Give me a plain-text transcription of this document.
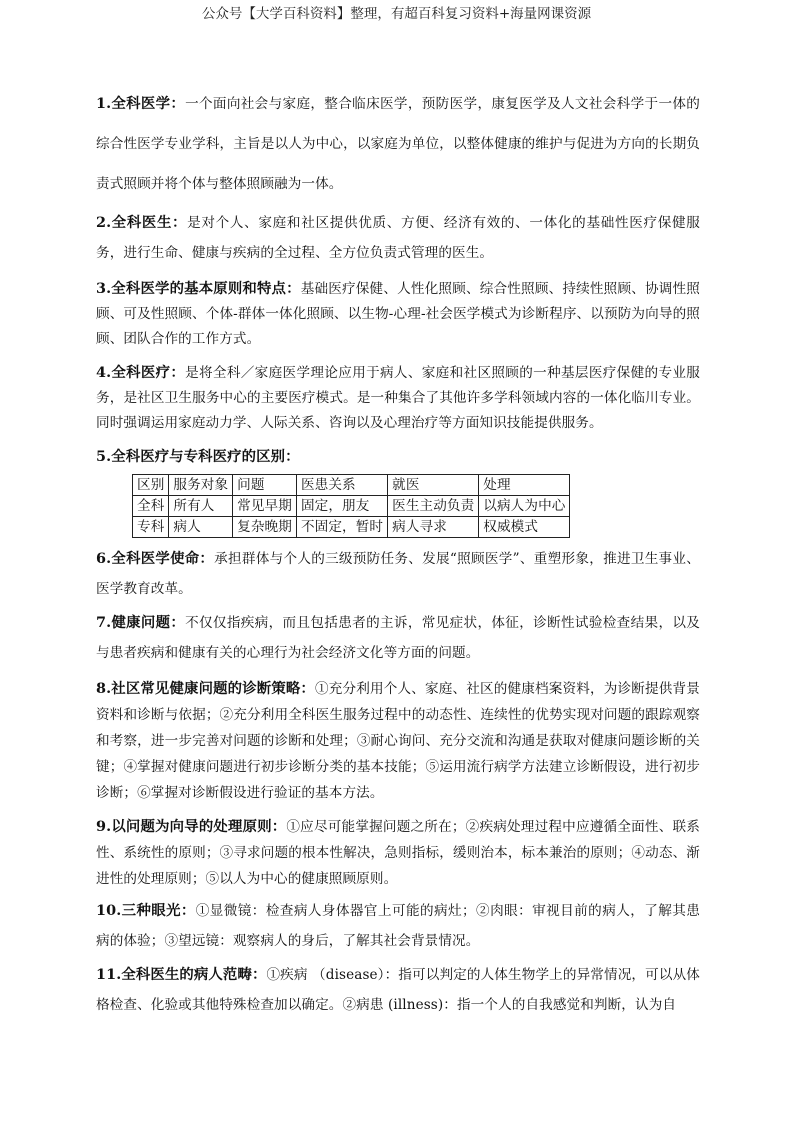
公众号【大学百科资料】整理，有超百科复习资料+海量网课资源

1.全科医学：一个面向社会与家庭，整合临床医学，预防医学，康复医学及人文社会科学于一体的综合性医学专业学科，主旨是以人为中心，以家庭为单位，以整体健康的维护与促进为方向的长期负责式照顾并将个体与整体照顾融为一体。

2.全科医生：是对个人、家庭和社区提供优质、方便、经济有效的、一体化的基础性医疗保健服务，进行生命、健康与疾病的全过程、全方位负责式管理的医生。

3.全科医学的基本原则和特点：基础医疗保健、人性化照顾、综合性照顾、持续性照顾、协调性照顾、可及性照顾、个体-群体一体化照顾、以生物-心理-社会医学模式为诊断程序、以预防为向导的照顾、团队合作的工作方式。

4.全科医疗：是将全科／家庭医学理论应用于病人、家庭和社区照顾的一种基层医疗保健的专业服务，是社区卫生服务中心的主要医疗模式。是一种集合了其他许多学科领域内容的一体化临川专业。同时强调运用家庭动力学、人际关系、咨询以及心理治疗等方面知识技能提供服务。

5.全科医疗与专科医疗的区别：

区别	服务对象	问题	医患关系	就医	处理
全科	所有人	常见早期	固定，朋友	医生主动负责	以病人为中心
专科	病人	复杂晚期	不固定，暂时	病人寻求	权威模式

6.全科医学使命：承担群体与个人的三级预防任务、发展“照顾医学”、重塑形象，推进卫生事业、医学教育改革。

7.健康问题：不仅仅指疾病，而且包括患者的主诉，常见症状，体征，诊断性试验检查结果，以及与患者疾病和健康有关的心理行为社会经济文化等方面的问题。

8.社区常见健康问题的诊断策略：①充分利用个人、家庭、社区的健康档案资料，为诊断提供背景资料和诊断与依据；②充分利用全科医生服务过程中的动态性、连续性的优势实现对问题的跟踪观察和考察，进一步完善对问题的诊断和处理；③耐心询问、充分交流和沟通是获取对健康问题诊断的关键；④掌握对健康问题进行初步诊断分类的基本技能；⑤运用流行病学方法建立诊断假设，进行初步诊断；⑥掌握对诊断假设进行验证的基本方法。

9.以问题为向导的处理原则：①应尽可能掌握问题之所在；②疾病处理过程中应遵循全面性、联系性、系统性的原则；③寻求问题的根本性解决，急则指标，缓则治本，标本兼治的原则；④动态、渐进性的处理原则；⑤以人为中心的健康照顾原则。

10.三种眼光：①显微镜：检查病人身体器官上可能的病灶；②肉眼：审视目前的病人，了解其患病的体验；③望远镜：观察病人的身后，了解其社会背景情况。

11.全科医生的病人范畴：①疾病 （disease）：指可以判定的人体生物学上的异常情况，可以从体格检查、化验或其他特殊检查加以确定。②病患 (illness)：指一个人的自我感觉和判断，认为自
